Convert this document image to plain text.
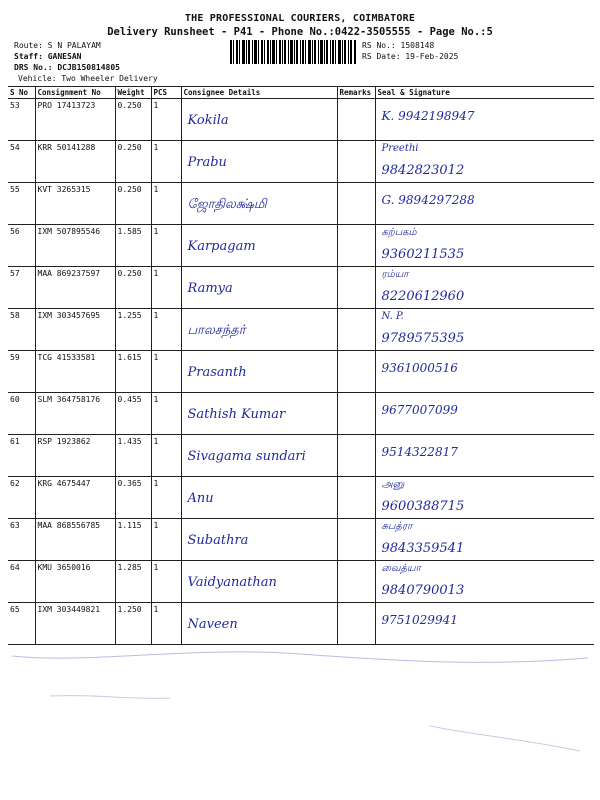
THE PROFESSIONAL COURIERS, COIMBATORE
Delivery Runsheet - P41 - Phone No.:0422-3505555 - Page No.:5
Route: S N PALAYAM
Staff: GANESAN
DRS No.: DCJB150814805
Vehicle: Two Wheeler Delivery
RS No.: 1508148
RS Date: 19-Feb-2025
S No	Consignment No	Weight	PCS	Consignee Details	Remarks	Seal & Signature
53	PRO 17413723	0.250	1	Kokila		K. 9942198947

54	KRR 50141288	0.250	1	Prabu		Preethi
9842823012

55	KVT 3265315	0.250	1	ஜோதிலக்ஷ்மி		G. 9894297288

56	IXM 507895546	1.585	1	Karpagam		கற்பகம்
9360211535

57	MAA 869237597	0.250	1	Ramya		ரம்யா
8220612960

58	IXM 303457695	1.255	1	பாலசந்தர்		N. P.
9789575395

59	TCG 41533581	1.615	1	Prasanth		9361000516

60	SLM 364758176	0.455	1	Sathish Kumar		9677007099

61	RSP 1923862	1.435	1	Sivagama sundari		9514322817

62	KRG 4675447	0.365	1	Anu		அனு
9600388715

63	MAA 868556785	1.115	1	Subathra		சுபத்ரா
9843359541

64	KMU 3650016	1.285	1	Vaidyanathan		வைத்யா
9840790013

65	IXM 303449821	1.250	1	Naveen		9751029941
